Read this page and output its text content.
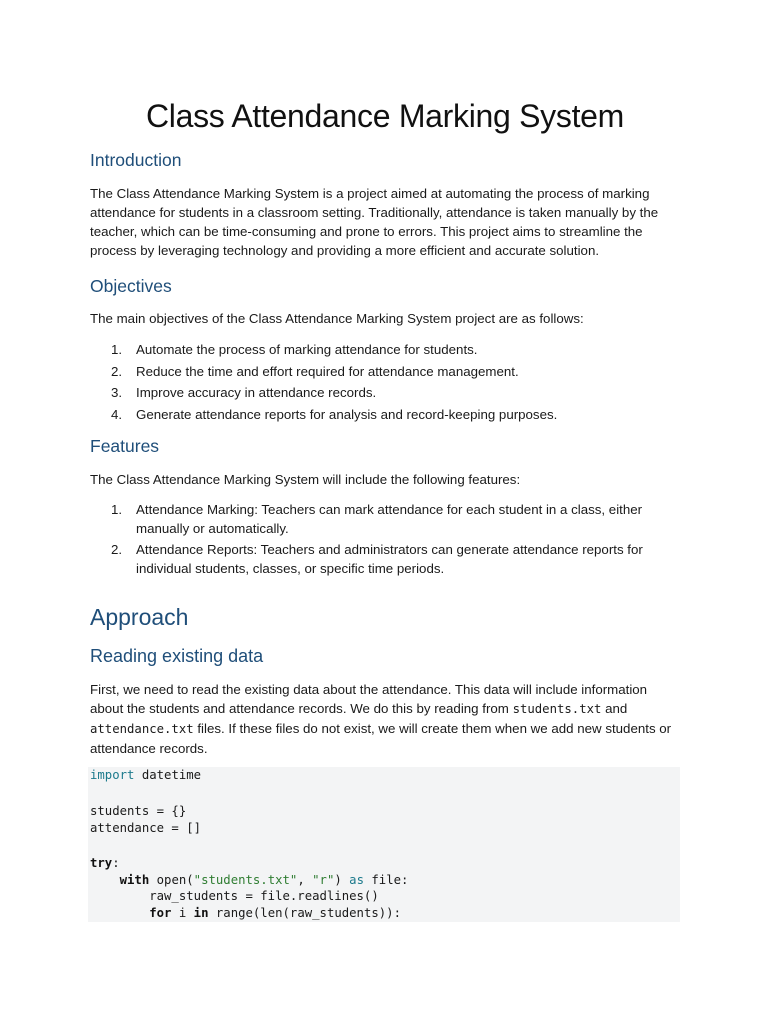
Class Attendance Marking System
Introduction

The Class Attendance Marking System is a project aimed at automating the process of marking attendance for students in a classroom setting. Traditionally, attendance is taken manually by the teacher, which can be time-consuming and prone to errors. This project aims to streamline the process by leveraging technology and providing a more efficient and accurate solution.

Objectives

The main objectives of the Class Attendance Marking System project are as follows:

1. Automate the process of marking attendance for students.
2. Reduce the time and effort required for attendance management.
3. Improve accuracy in attendance records.
4. Generate attendance reports for analysis and record-keeping purposes.
Features

The Class Attendance Marking System will include the following features:

1. Attendance Marking: Teachers can mark attendance for each student in a class, either manually or automatically.
2. Attendance Reports: Teachers and administrators can generate attendance reports for individual students, classes, or specific time periods.
Approach
Reading existing data

First, we need to read the existing data about the attendance. This data will include information about the students and attendance records. We do this by reading from students.txt and attendance.txt files. If these files do not exist, we will create them when we add new students or attendance records.

import datetime
students = {}
attendance = []
try:
with open("students.txt", "r") as file:
raw_students = file.readlines()
for i in range(len(raw_students)):
